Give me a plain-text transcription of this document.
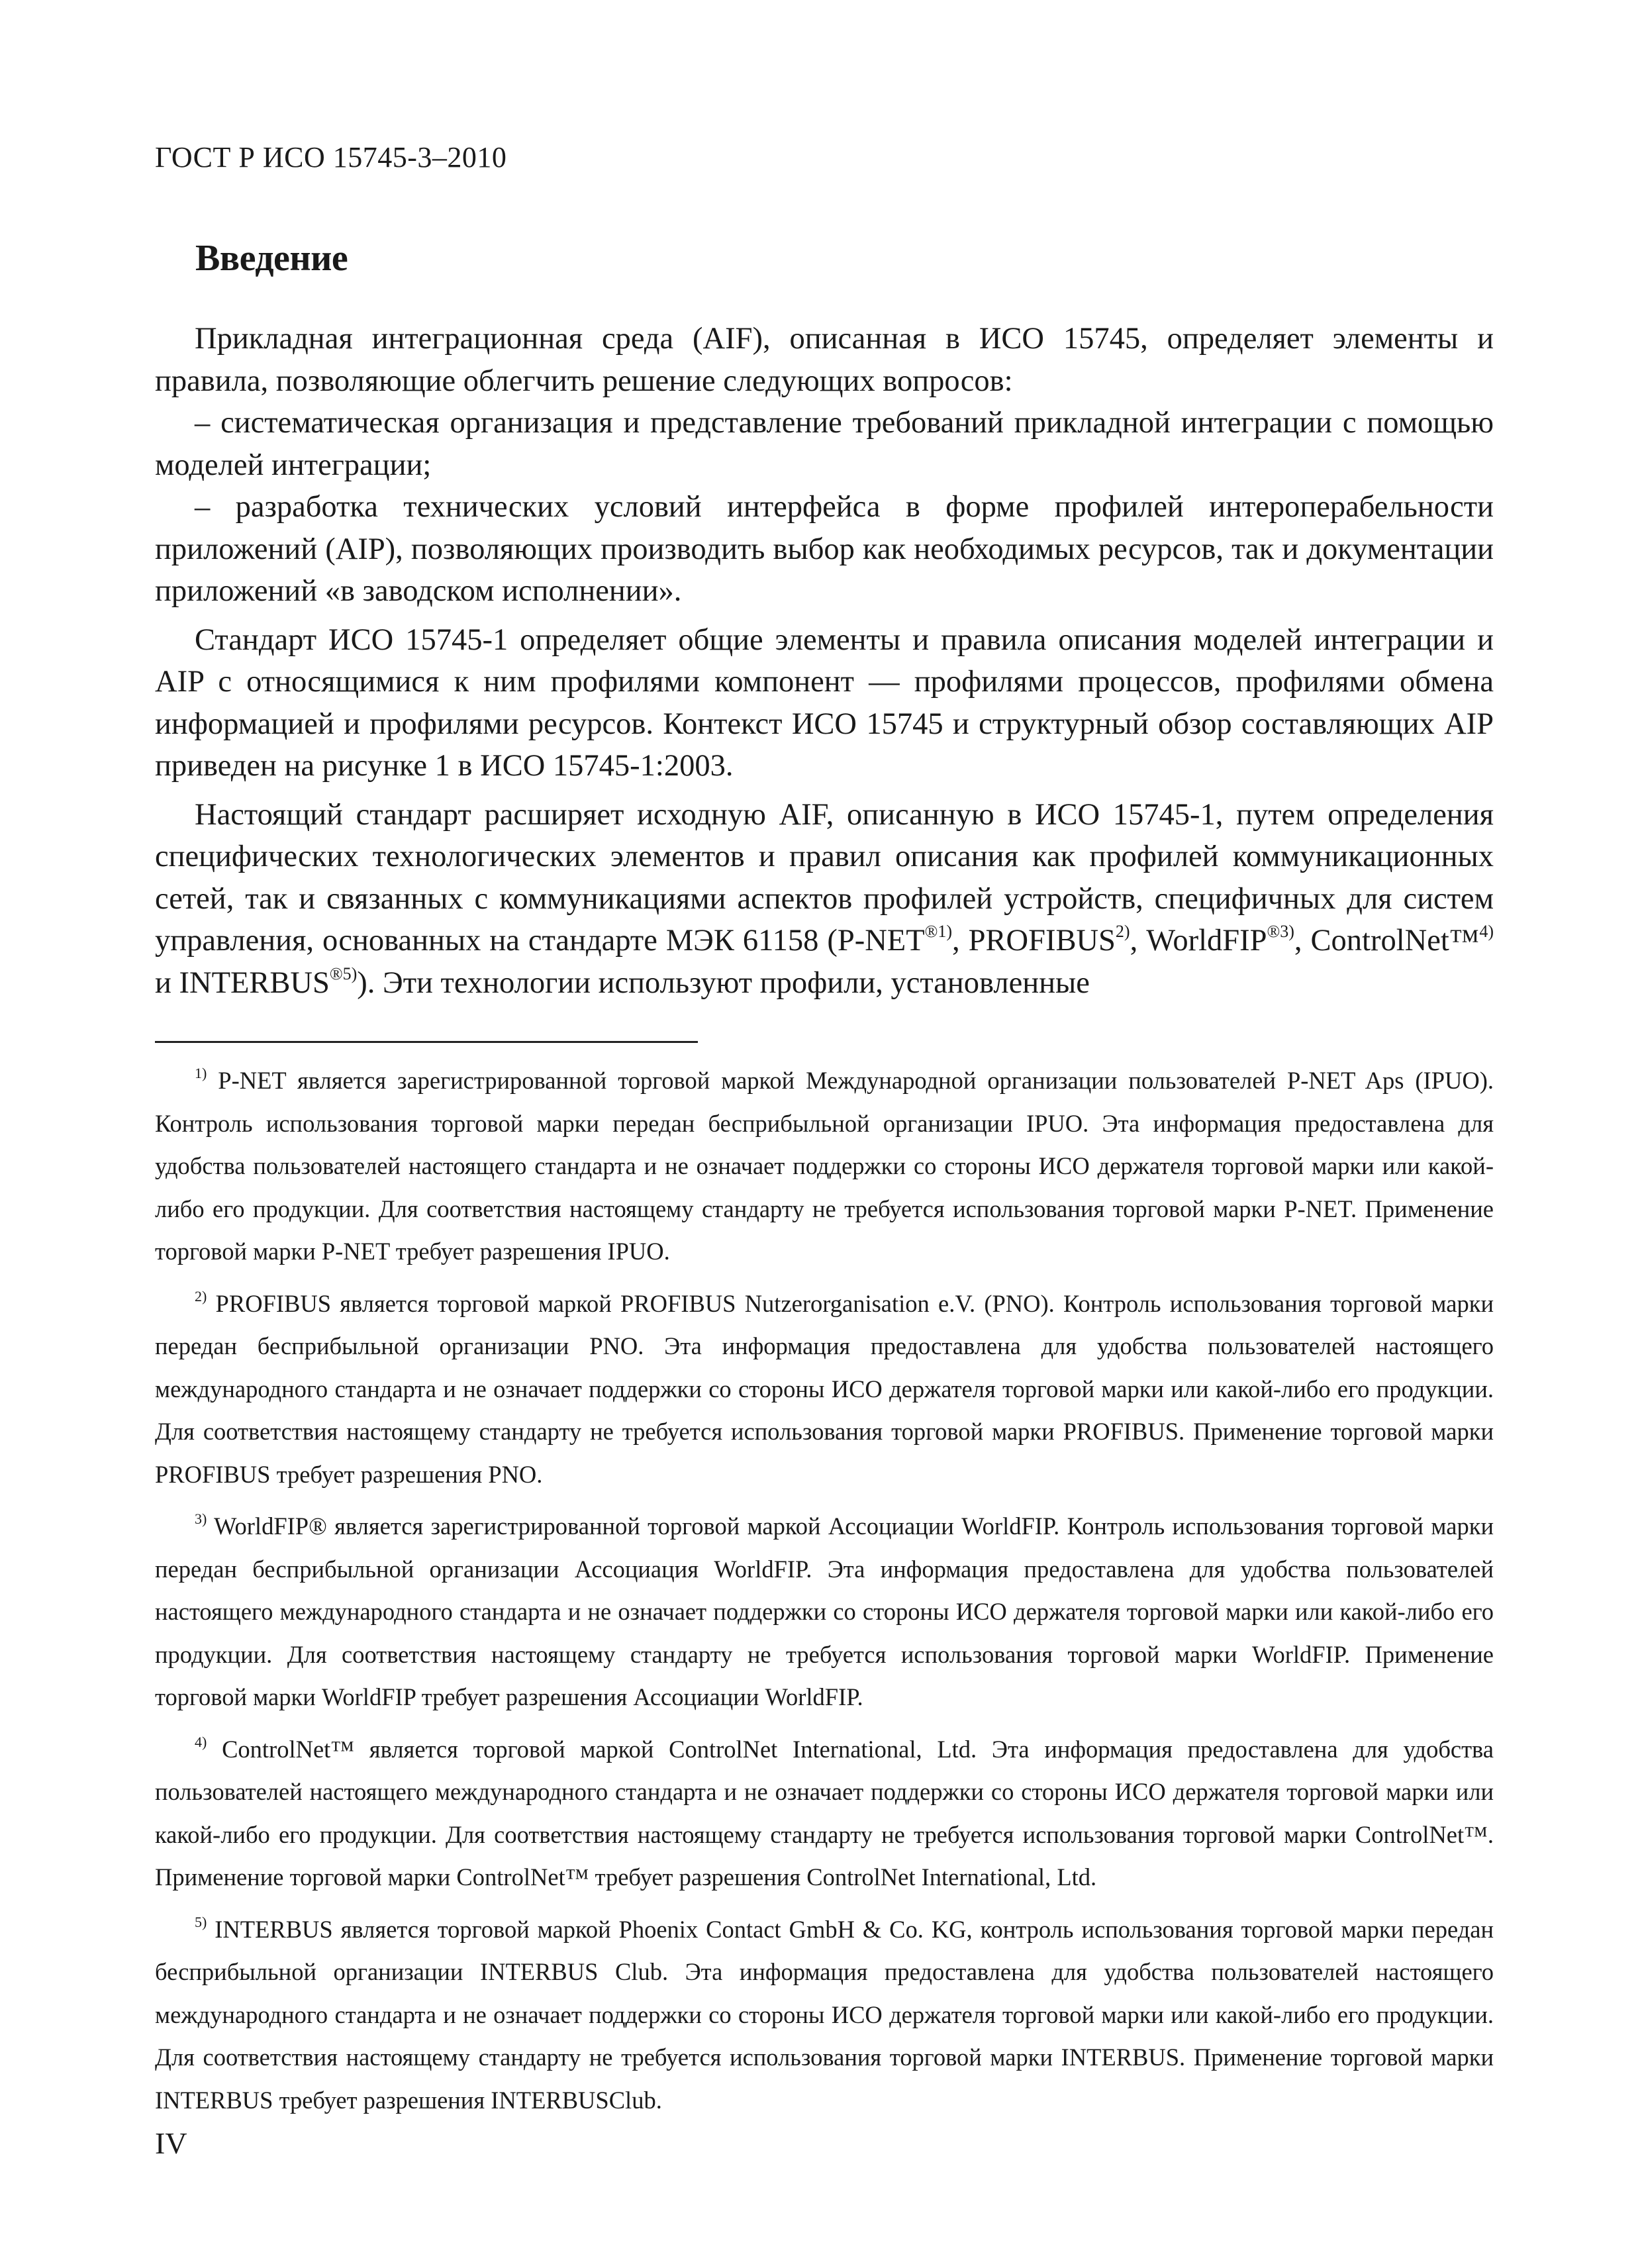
ГОСТ Р ИСО 15745-3–2010
Введение

Прикладная интеграционная среда (AIF), описанная в ИСО 15745, определяет элементы и правила, позволяющие облегчить решение следующих вопросов:

– систематическая организация и представление требований прикладной интеграции с помощью моделей интеграции;

– разработка технических условий интерфейса в форме профилей интероперабельности приложений (AIP), позволяющих производить выбор как необходимых ресурсов, так и документации приложений «в заводском исполнении».

Стандарт ИСО 15745-1 определяет общие элементы и правила описания моделей интеграции и AIP с относящимися к ним профилями компонент — профилями процессов, профилями обмена информацией и профилями ресурсов. Контекст ИСО 15745 и структурный обзор составляющих AIP приведен на рисунке 1 в ИСО 15745-1:2003.

Настоящий стандарт расширяет исходную AIF, описанную в ИСО 15745-1, путем определения специфических технологических элементов и правил описания как профилей коммуникационных сетей, так и связанных с коммуникациями аспектов профилей устройств, специфичных для систем управления, основанных на стандарте МЭК 61158 ($P-NET^{®1)}$, PROFIBUS$^{2)}$, WorldFIP$^{®3)}$, ControlNet™$^{4)}$ и $INTERBUS^{®5)}$). Эти технологии используют профили, установленные

$^{1)}$ P-NET является зарегистрированной торговой маркой Международной организации пользователей P-NET Aps (IPUO). Контроль использования торговой марки передан бесприбыльной организации IPUO. Эта информация предоставлена для удобства пользователей настоящего стандарта и не означает поддержки со стороны ИСО держателя торговой марки или какой-либо его продукции. Для соответствия настоящему стандарту не требуется использования торговой марки P-NET. Применение торговой марки P-NET требует разрешения IPUO.

$^{2)}$ PROFIBUS является торговой маркой PROFIBUS Nutzerorganisation e.V. (PNO). Контроль использования торговой марки передан бесприбыльной организации PNO. Эта информация предоставлена для удобства пользователей настоящего международного стандарта и не означает поддержки со стороны ИСО держателя торговой марки или какой-либо его продукции. Для соответствия настоящему стандарту не требуется использования торговой марки PROFIBUS. Применение торговой марки PROFIBUS требует разрешения PNO.

$^{3)}$ WorldFIP® является зарегистрированной торговой маркой Ассоциации WorldFIP. Контроль использования торговой марки передан бесприбыльной организации Ассоциация WorldFIP. Эта информация предоставлена для удобства пользователей настоящего международного стандарта и не означает поддержки со стороны ИСО держателя торговой марки или какой-либо его продукции. Для соответствия настоящему стандарту не требуется использования торговой марки WorldFIP. Применение торговой марки WorldFIP требует разрешения Ассоциации WorldFIP.

$^{4)}$ ControlNet™ является торговой маркой ControlNet International, Ltd. Эта информация предоставлена для удобства пользователей настоящего международного стандарта и не означает поддержки со стороны ИСО держателя торговой марки или какой-либо его продукции. Для соответствия настоящему стандарту не требуется использования торговой марки ControlNet™. Применение торговой марки ControlNet™ требует разрешения ControlNet International, Ltd.

$^{5)}$ INTERBUS является торговой маркой Phoenix Contact GmbH & Co. KG, контроль использования торговой марки передан бесприбыльной организации INTERBUS Club. Эта информация предоставлена для удобства пользователей настоящего международного стандарта и не означает поддержки со стороны ИСО держателя торговой марки или какой-либо его продукции. Для соответствия настоящему стандарту не требуется использования торговой марки INTERBUS. Применение торговой марки INTERBUS требует разрешения INTERBUSClub.

IV
